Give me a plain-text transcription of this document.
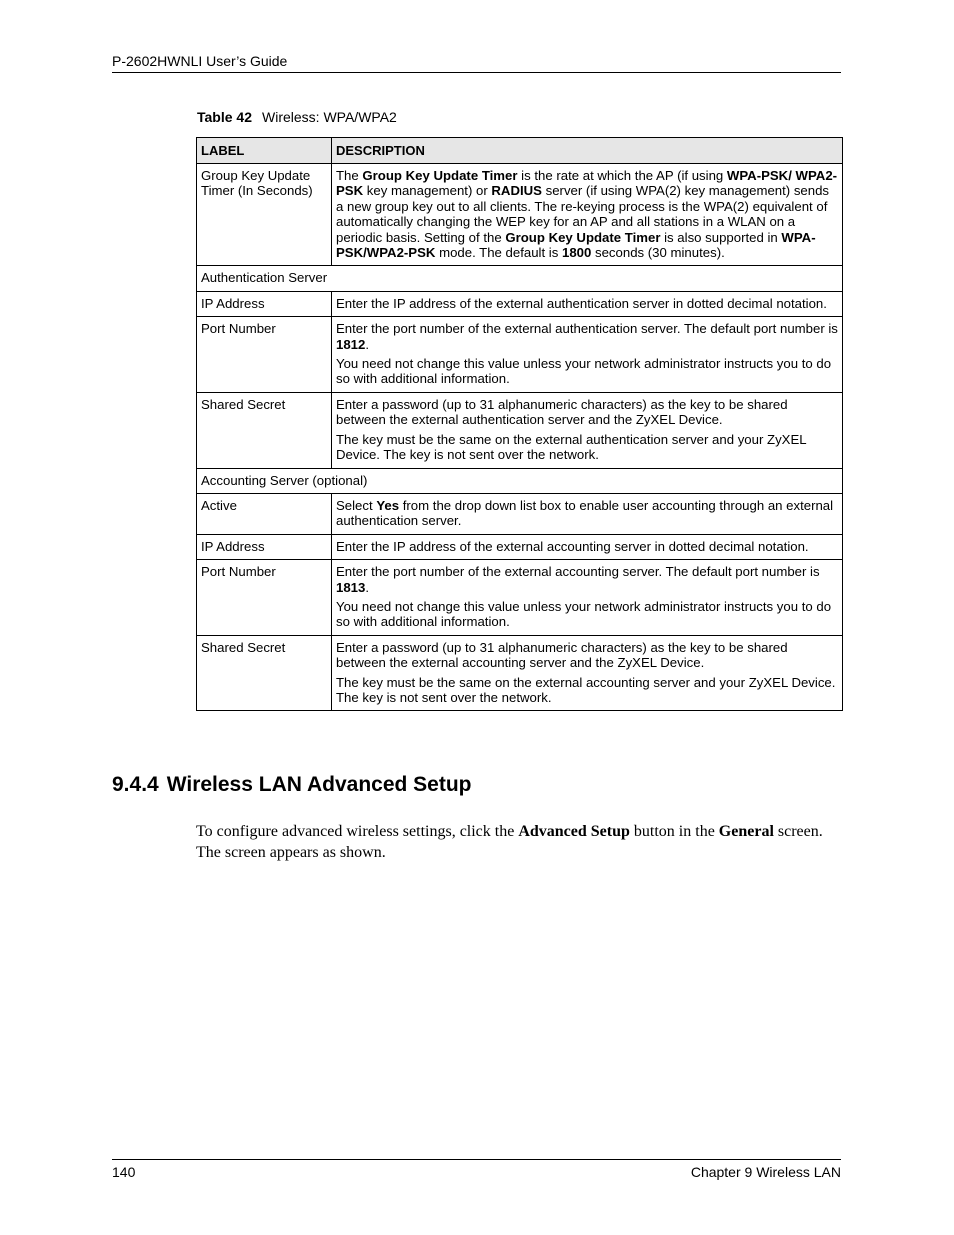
P-2602HWNLI User’s Guide
Table 42 Wireless: WPA/WPA2
LABEL	DESCRIPTION
Group Key Update Timer (In Seconds)	The Group Key Update Timer is the rate at which the AP (if using WPA-PSK/ WPA2-PSK key management) or RADIUS server (if using WPA(2) key management) sends a new group key out to all clients. The re-keying process is the WPA(2) equivalent of automatically changing the WEP key for an AP and all stations in a WLAN on a periodic basis. Setting of the Group Key Update Timer is also supported in WPA-PSK/WPA2-PSK mode. The default is 1800 seconds (30 minutes).

Authentication Server	
IP Address	Enter the IP address of the external authentication server in dotted decimal notation.

Port Number	Enter the port number of the external authentication server. The default port number is 1812.

You need not change this value unless your network administrator instructs you to do so with additional information.

Shared Secret	Enter a password (up to 31 alphanumeric characters) as the key to be shared between the external authentication server and the ZyXEL Device.

The key must be the same on the external authentication server and your ZyXEL Device. The key is not sent over the network.

Accounting Server (optional)	
Active	Select Yes from the drop down list box to enable user accounting through an external authentication server.

IP Address	Enter the IP address of the external accounting server in dotted decimal notation.

Port Number	Enter the port number of the external accounting server. The default port number is 1813.

You need not change this value unless your network administrator instructs you to do so with additional information.

Shared Secret	Enter a password (up to 31 alphanumeric characters) as the key to be shared between the external accounting server and the ZyXEL Device.

The key must be the same on the external accounting server and your ZyXEL Device. The key is not sent over the network.

9.4.4 Wireless LAN Advanced Setup

To configure advanced wireless settings, click the Advanced Setup button in the General screen. The screen appears as shown.

140	Chapter 9 Wireless LAN
